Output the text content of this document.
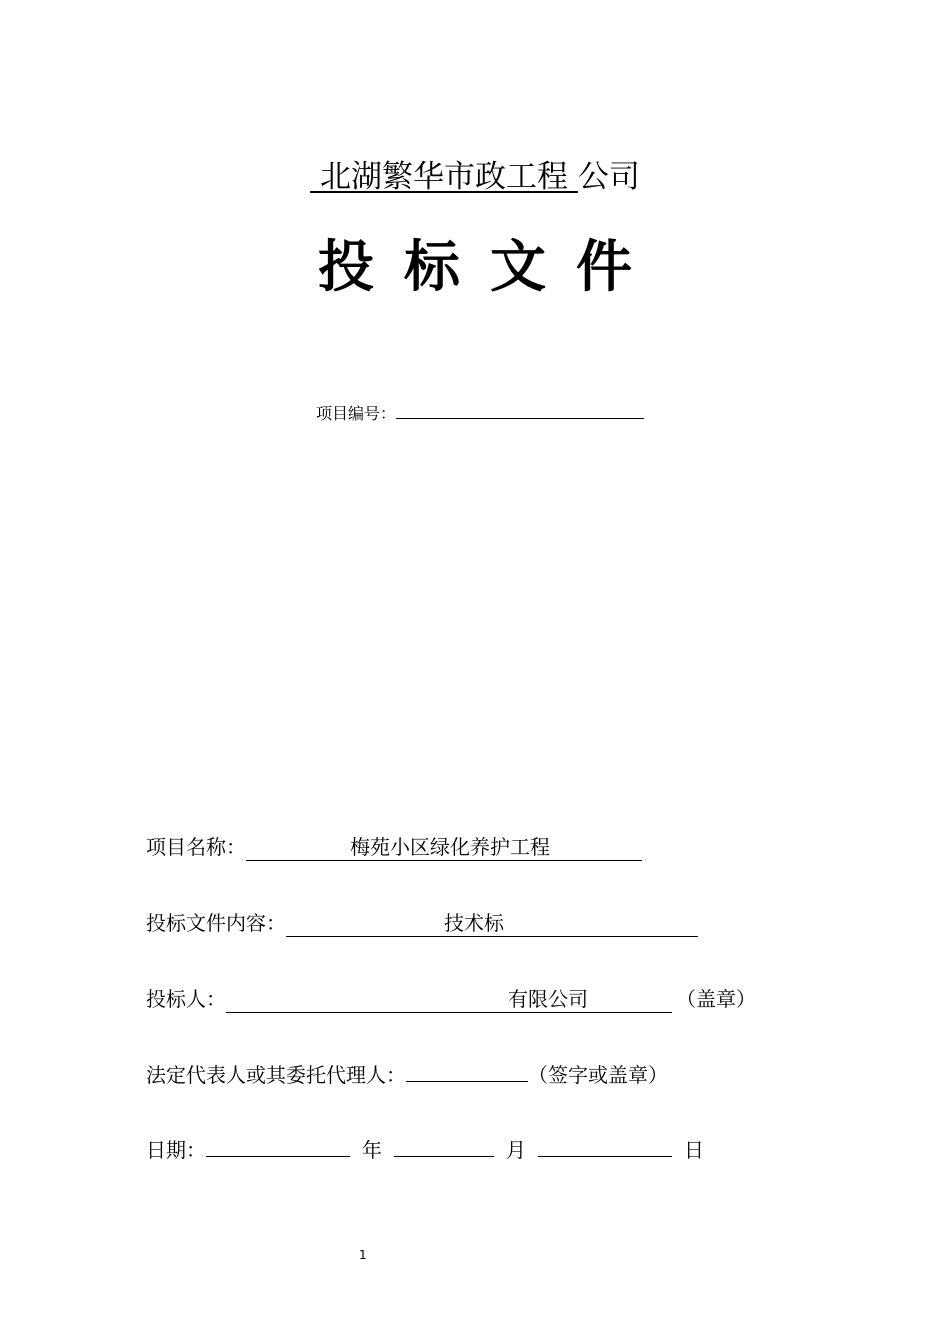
北湖繁华市政工程 公司
投标文件
项目编号：
项目名称：	梅苑小区绿化养护工程
投标文件内容：	技术标
投标人：	有限公司	（盖章）
法定代表人或其委托代理人：	（签字或盖章）
日期：	年	月	日
1
